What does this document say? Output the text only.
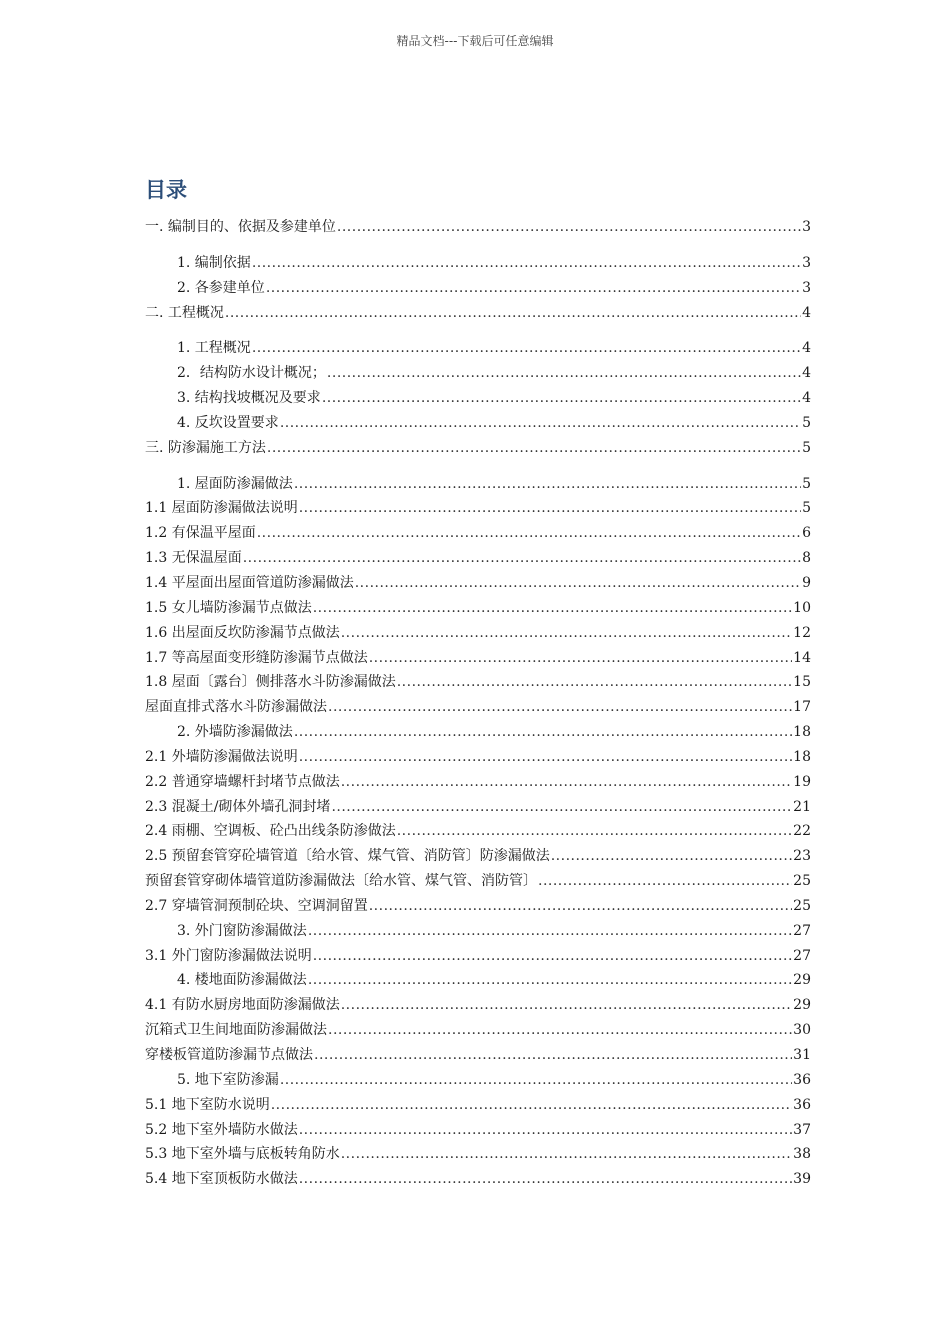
精品文档---下载后可任意编辑
目录
一. 编制目的、依据及参建单位 .....	3
1. 编制依据 .....	3
2. 各参建单位 .....	3
二. 工程概况 .....	4
1. 工程概况 .....	4
2．结构防水设计概况； .....	4
3. 结构找坡概况及要求 .....	4
4. 反坎设置要求 .....	5
三. 防渗漏施工方法 .....	5
1. 屋面防渗漏做法 .....	5
1.1 屋面防渗漏做法说明 .....	5
1.2 有保温平屋面 .....	6
1.3 无保温屋面 .....	8
1.4 平屋面出屋面管道防渗漏做法 .....	9
1.5 女儿墙防渗漏节点做法 .....	10
1.6 出屋面反坎防渗漏节点做法 .....	12
1.7 等高屋面变形缝防渗漏节点做法 .....	14
1.8 屋面〔露台〕侧排落水斗防渗漏做法 .....	15
屋面直排式落水斗防渗漏做法 .....	17
2. 外墙防渗漏做法 .....	18
2.1 外墙防渗漏做法说明 .....	18
2.2 普通穿墙螺杆封堵节点做法 .....	19
2.3 混凝土/砌体外墙孔洞封堵 .....	21
2.4 雨棚、空调板、砼凸出线条防渗做法 .....	22
2.5 预留套管穿砼墙管道〔给水管、煤气管、消防管〕防渗漏做法 .....	23
预留套管穿砌体墙管道防渗漏做法〔给水管、煤气管、消防管〕 .....	25
2.7 穿墙管洞预制砼块、空调洞留置 .....	25
3. 外门窗防渗漏做法 .....	27
3.1 外门窗防渗漏做法说明 .....	27
4. 楼地面防渗漏做法 .....	29
4.1 有防水厨房地面防渗漏做法 .....	29
沉箱式卫生间地面防渗漏做法 .....	30
穿楼板管道防渗漏节点做法 .....	31
5. 地下室防渗漏 .....	36
5.1 地下室防水说明 .....	36
5.2 地下室外墙防水做法 .....	37
5.3 地下室外墙与底板转角防水 .....	38
5.4 地下室顶板防水做法 .....	39
